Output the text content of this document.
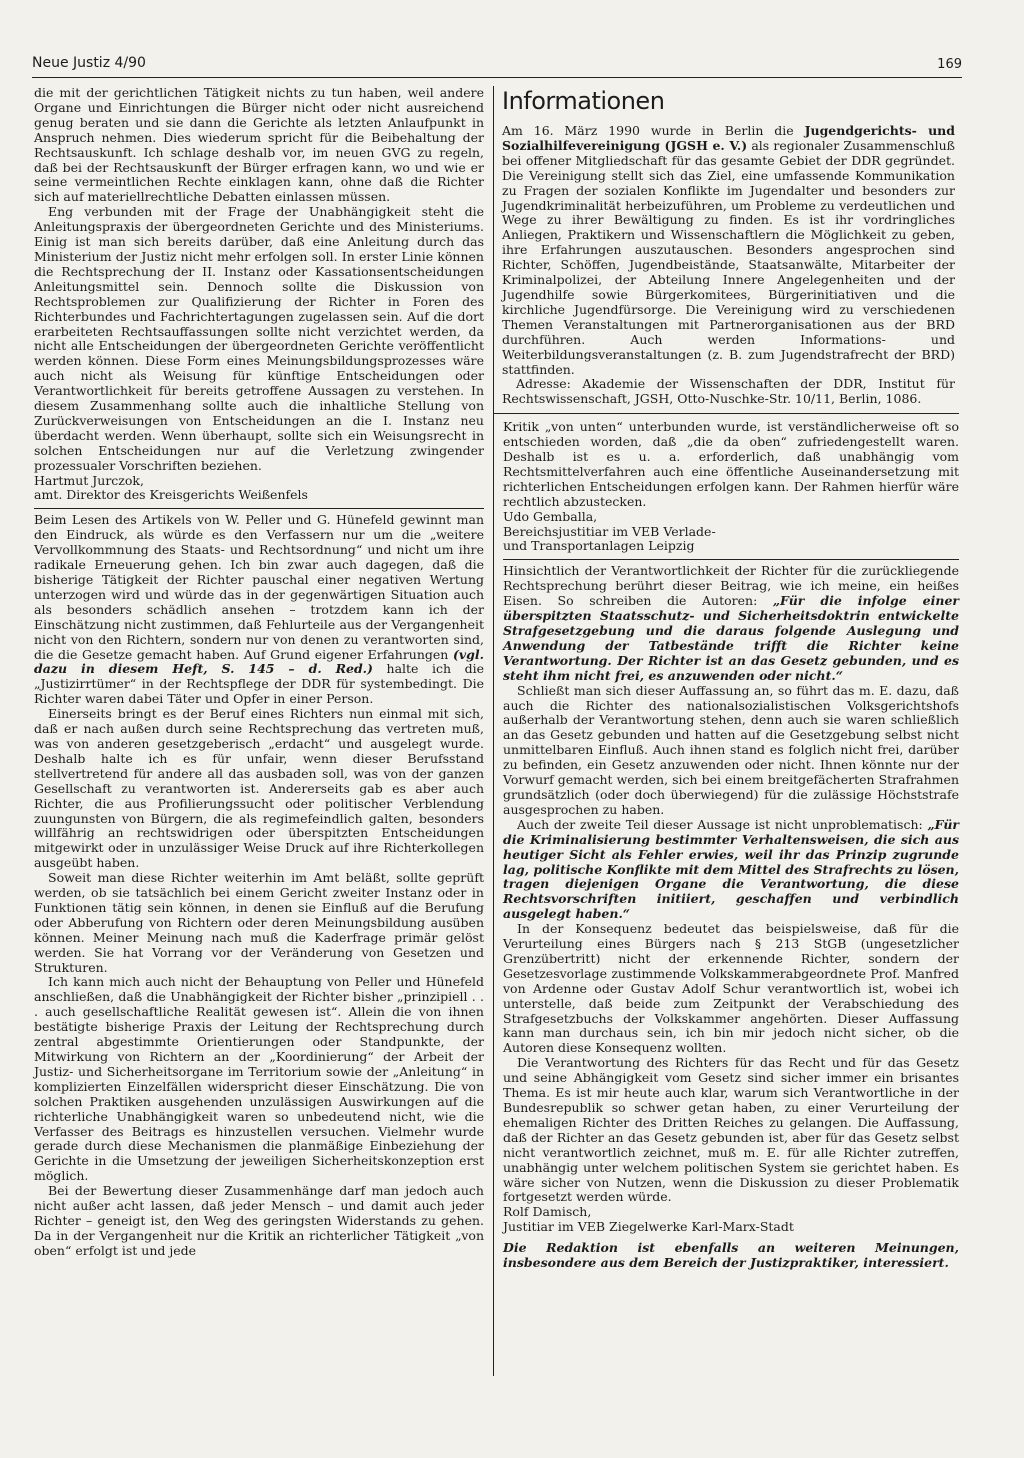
Neue Justiz 4/90	169

die mit der gerichtlichen Tätigkeit nichts zu tun haben, weil andere Organe und Einrichtungen die Bürger nicht oder nicht ausreichend genug beraten und sie dann die Gerichte als letzten Anlaufpunkt in Anspruch nehmen. Dies wiederum spricht für die Beibehaltung der Rechtsauskunft. Ich schlage deshalb vor, im neuen GVG zu regeln, daß bei der Rechtsauskunft der Bürger erfragen kann, wo und wie er seine vermeintlichen Rechte einklagen kann, ohne daß die Richter sich auf materiellrechtliche Debatten einlassen müssen.

Eng verbunden mit der Frage der Unabhängigkeit steht die Anleitungspraxis der übergeordneten Gerichte und des Ministeriums. Einig ist man sich bereits darüber, daß eine Anleitung durch das Ministerium der Justiz nicht mehr erfolgen soll. In erster Linie können die Rechtsprechung der II. Instanz oder Kassationsentscheidungen Anleitungsmittel sein. Dennoch sollte die Diskussion von Rechtsproblemen zur Qualifizierung der Richter in Foren des Richterbundes und Fachrichtertagungen zugelassen sein. Auf die dort erarbeiteten Rechtsauffassungen sollte nicht verzichtet werden, da nicht alle Entscheidungen der übergeordneten Gerichte veröffentlicht werden können. Diese Form eines Meinungsbildungsprozesses wäre auch nicht als Weisung für künftige Entscheidungen oder Verantwortlichkeit für bereits getroffene Aussagen zu verstehen. In diesem Zusammenhang sollte auch die inhaltliche Stellung von Zurückverweisungen von Entscheidungen an die I. Instanz neu überdacht werden. Wenn überhaupt, sollte sich ein Weisungsrecht in solchen Entscheidungen nur auf die Verletzung zwingender prozessualer Vorschriften beziehen.

Hartmut Jurczok,
amt. Direktor des Kreisgerichts Weißenfels

Beim Lesen des Artikels von W. Peller und G. Hünefeld gewinnt man den Eindruck, als würde es den Verfassern nur um die „weitere Vervollkommnung des Staats- und Rechtsordnung“ und nicht um ihre radikale Erneuerung gehen. Ich bin zwar auch dagegen, daß die bisherige Tätigkeit der Richter pauschal einer negativen Wertung unterzogen wird und würde das in der gegenwärtigen Situation auch als besonders schädlich ansehen – trotzdem kann ich der Einschätzung nicht zustimmen, daß Fehlurteile aus der Vergangenheit nicht von den Richtern, sondern nur von denen zu verantworten sind, die die Gesetze gemacht haben. Auf Grund eigener Erfahrungen (vgl. dazu in diesem Heft, S. 145 – d. Red.) halte ich die „Justizirrtümer“ in der Rechtspflege der DDR für systembedingt. Die Richter waren dabei Täter und Opfer in einer Person.

Einerseits bringt es der Beruf eines Richters nun einmal mit sich, daß er nach außen durch seine Rechtsprechung das vertreten muß, was von anderen gesetzgeberisch „erdacht“ und ausgelegt wurde. Deshalb halte ich es für unfair, wenn dieser Berufsstand stellvertretend für andere all das ausbaden soll, was von der ganzen Gesellschaft zu verantworten ist. Andererseits gab es aber auch Richter, die aus Profilierungssucht oder politischer Verblendung zuungunsten von Bürgern, die als regimefeindlich galten, besonders willfährig an rechtswidrigen oder überspitzten Entscheidungen mitgewirkt oder in unzulässiger Weise Druck auf ihre Richterkollegen ausgeübt haben.

Soweit man diese Richter weiterhin im Amt beläßt, sollte geprüft werden, ob sie tatsächlich bei einem Gericht zweiter Instanz oder in Funktionen tätig sein können, in denen sie Einfluß auf die Berufung oder Abberufung von Richtern oder deren Meinungsbildung ausüben können. Meiner Meinung nach muß die Kaderfrage primär gelöst werden. Sie hat Vorrang vor der Veränderung von Gesetzen und Strukturen.

Ich kann mich auch nicht der Behauptung von Peller und Hünefeld anschließen, daß die Unabhängigkeit der Richter bisher „prinzipiell . . . auch gesellschaftliche Realität gewesen ist“. Allein die von ihnen bestätigte bisherige Praxis der Leitung der Rechtsprechung durch zentral abgestimmte Orientierungen oder Standpunkte, der Mitwirkung von Richtern an der „Koordinierung“ der Arbeit der Justiz- und Sicherheitsorgane im Territorium sowie der „Anleitung“ in komplizierten Einzelfällen widerspricht dieser Einschätzung. Die von solchen Praktiken ausgehenden unzulässigen Auswirkungen auf die richterliche Unabhängigkeit waren so unbedeutend nicht, wie die Verfasser des Beitrags es hinzustellen versuchen. Vielmehr wurde gerade durch diese Mechanismen die planmäßige Einbeziehung der Gerichte in die Umsetzung der jeweiligen Sicherheitskonzeption erst möglich.

Bei der Bewertung dieser Zusammenhänge darf man jedoch auch nicht außer acht lassen, daß jeder Mensch – und damit auch jeder Richter – geneigt ist, den Weg des geringsten Widerstands zu gehen. Da in der Vergangenheit nur die Kritik an richterlicher Tätigkeit „von oben“ erfolgt ist und jede

Informationen

Am 16. März 1990 wurde in Berlin die Jugendgerichts- und Sozialhilfevereinigung (JGSH e. V.) als regionaler Zusammenschluß bei offener Mitgliedschaft für das gesamte Gebiet der DDR gegründet. Die Vereinigung stellt sich das Ziel, eine umfassende Kommunikation zu Fragen der sozialen Konflikte im Jugendalter und besonders zur Jugendkriminalität herbeizuführen, um Probleme zu verdeutlichen und Wege zu ihrer Bewältigung zu finden. Es ist ihr vordringliches Anliegen, Praktikern und Wissenschaftlern die Möglichkeit zu geben, ihre Erfahrungen auszutauschen. Besonders angesprochen sind Richter, Schöffen, Jugendbeistände, Staatsanwälte, Mitarbeiter der Kriminalpolizei, der Abteilung Innere Angelegenheiten und der Jugendhilfe sowie Bürgerkomitees, Bürgerinitiativen und die kirchliche Jugendfürsorge. Die Vereinigung wird zu verschiedenen Themen Veranstaltungen mit Partnerorganisationen aus der BRD durchführen. Auch werden Informations- und Weiterbildungsveranstaltungen (z. B. zum Jugendstrafrecht der BRD) stattfinden.

Adresse: Akademie der Wissenschaften der DDR, Institut für Rechtswissenschaft, JGSH, Otto-Nuschke-Str. 10/11, Berlin, 1086.

Kritik „von unten“ unterbunden wurde, ist verständlicherweise oft so entschieden worden, daß „die da oben“ zufriedengestellt waren. Deshalb ist es u. a. erforderlich, daß unabhängig vom Rechtsmittelverfahren auch eine öffentliche Auseinandersetzung mit richterlichen Entscheidungen erfolgen kann. Der Rahmen hierfür wäre rechtlich abzustecken.

Udo Gemballa,
Bereichsjustitiar im VEB Verlade-
und Transportanlagen Leipzig

Hinsichtlich der Verantwortlichkeit der Richter für die zurückliegende Rechtsprechung berührt dieser Beitrag, wie ich meine, ein heißes Eisen. So schreiben die Autoren: „Für die infolge einer überspitzten Staatsschutz- und Sicherheitsdoktrin entwickelte Strafgesetzgebung und die daraus folgende Auslegung und Anwendung der Tatbestände trifft die Richter keine Verantwortung. Der Richter ist an das Gesetz gebunden, und es steht ihm nicht frei, es anzuwenden oder nicht.“

Schließt man sich dieser Auffassung an, so führt das m. E. dazu, daß auch die Richter des nationalsozialistischen Volksgerichtshofs außerhalb der Verantwortung stehen, denn auch sie waren schließlich an das Gesetz gebunden und hatten auf die Gesetzgebung selbst nicht unmittelbaren Einfluß. Auch ihnen stand es folglich nicht frei, darüber zu befinden, ein Gesetz anzuwenden oder nicht. Ihnen könnte nur der Vorwurf gemacht werden, sich bei einem breitgefächerten Strafrahmen grundsätzlich (oder doch überwiegend) für die zulässige Höchststrafe ausgesprochen zu haben.

Auch der zweite Teil dieser Aussage ist nicht unproblematisch: „Für die Kriminalisierung bestimmter Verhaltensweisen, die sich aus heutiger Sicht als Fehler erwies, weil ihr das Prinzip zugrunde lag, politische Konflikte mit dem Mittel des Strafrechts zu lösen, tragen diejenigen Organe die Verantwortung, die diese Rechtsvorschriften initiiert, geschaffen und verbindlich ausgelegt haben.“

In der Konsequenz bedeutet das beispielsweise, daß für die Verurteilung eines Bürgers nach § 213 StGB (ungesetzlicher Grenzübertritt) nicht der erkennende Richter, sondern der Gesetzesvorlage zustimmende Volkskammerabgeordnete Prof. Manfred von Ardenne oder Gustav Adolf Schur verantwortlich ist, wobei ich unterstelle, daß beide zum Zeitpunkt der Verabschiedung des Strafgesetzbuchs der Volkskammer angehörten. Dieser Auffassung kann man durchaus sein, ich bin mir jedoch nicht sicher, ob die Autoren diese Konsequenz wollten.

Die Verantwortung des Richters für das Recht und für das Gesetz und seine Abhängigkeit vom Gesetz sind sicher immer ein brisantes Thema. Es ist mir heute auch klar, warum sich Verantwortliche in der Bundesrepublik so schwer getan haben, zu einer Verurteilung der ehemaligen Richter des Dritten Reiches zu gelangen. Die Auffassung, daß der Richter an das Gesetz gebunden ist, aber für das Gesetz selbst nicht verantwortlich zeichnet, muß m. E. für alle Richter zutreffen, unabhängig unter welchem politischen System sie gerichtet haben. Es wäre sicher von Nutzen, wenn die Diskussion zu dieser Problematik fortgesetzt werden würde.

Rolf Damisch,
Justitiar im VEB Ziegelwerke Karl-Marx-Stadt

Die Redaktion ist ebenfalls an weiteren Meinungen, insbesondere aus dem Bereich der Justizpraktiker, interessiert.
